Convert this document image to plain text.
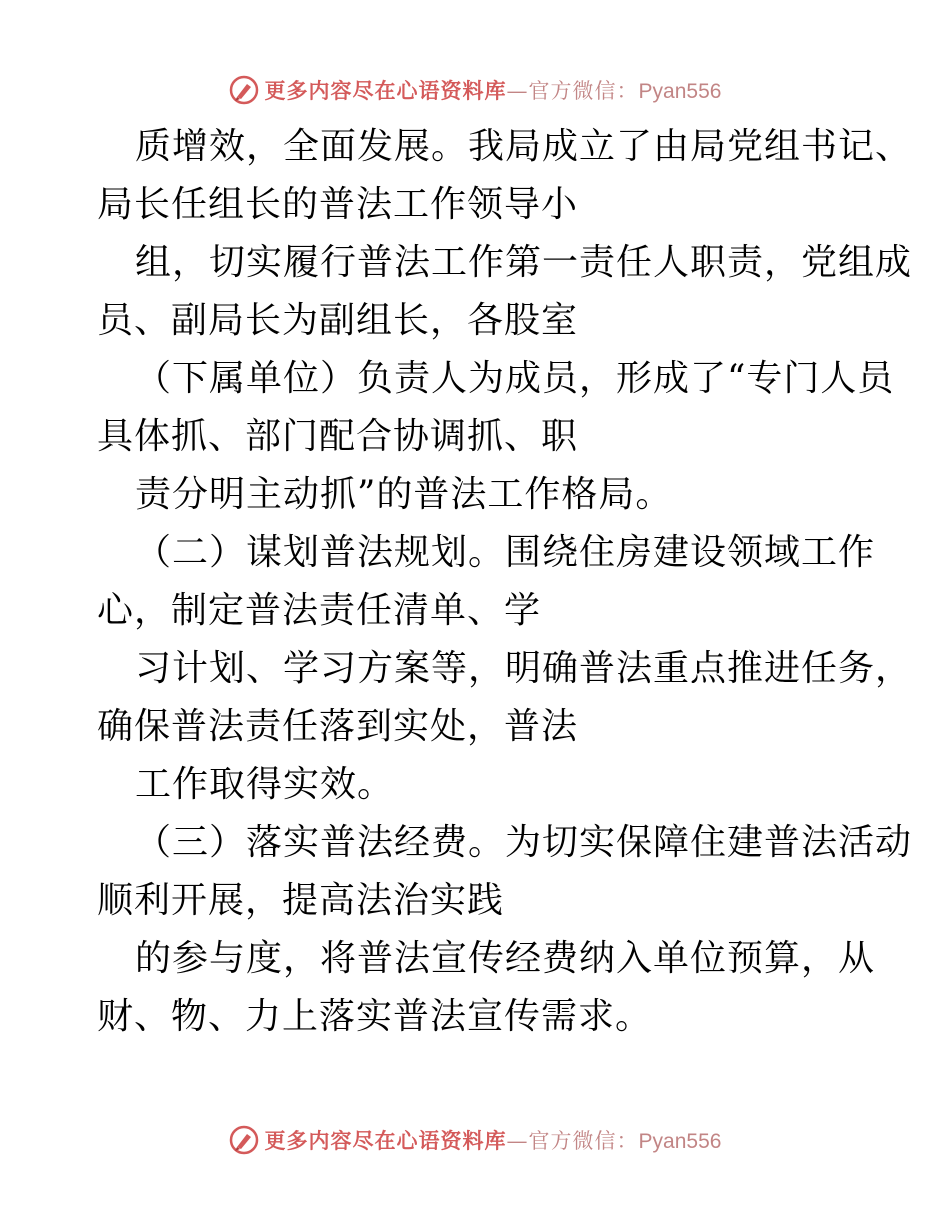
更多内容尽在心语资料库—官方微信：Pyan556
质增效，全面发展。我局成立了由局党组书记、
局长任组长的普法工作领导小
组，切实履行普法工作第一责任人职责，党组成
员、副局长为副组长，各股室
（下属单位）负责人为成员，形成了“专门人员
具体抓、部门配合协调抓、职
责分明主动抓”的普法工作格局。
（二）谋划普法规划。围绕住房建设领域工作
心，制定普法责任清单、学
习计划、学习方案等，明确普法重点推进任务，
确保普法责任落到实处，普法
工作取得实效。
（三）落实普法经费。为切实保障住建普法活动
顺利开展，提高法治实践
的参与度，将普法宣传经费纳入单位预算，从
财、物、力上落实普法宣传需求。
更多内容尽在心语资料库—官方微信：Pyan556
